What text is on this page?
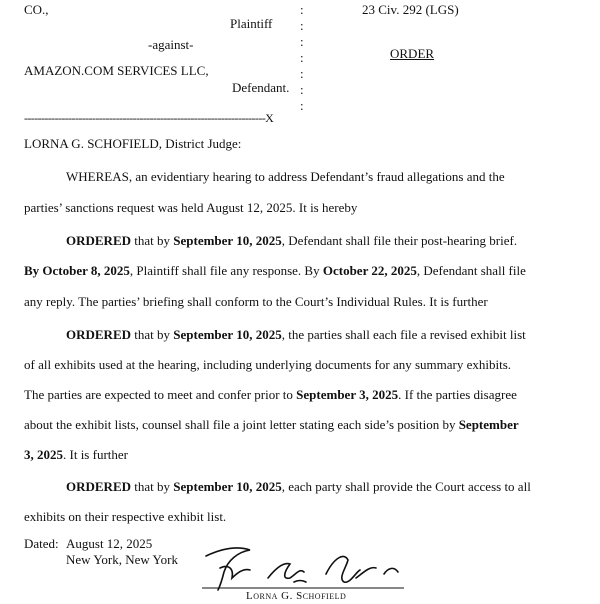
CO.,
Plaintiff
-against-
AMAZON.COM SERVICES LLC,
Defendant.
:
:
:
:
:
:
:
23 Civ. 292 (LGS)
ORDER
-----------------------------------------------------------------------X
LORNA G. SCHOFIELD, District Judge:
WHEREAS, an evidentiary hearing to address Defendant’s fraud allegations and the
parties’ sanctions request was held August 12, 2025. It is hereby
ORDERED that by September 10, 2025, Defendant shall file their post-hearing brief.
By October 8, 2025, Plaintiff shall file any response. By October 22, 2025, Defendant shall file
any reply. The parties’ briefing shall conform to the Court’s Individual Rules. It is further
ORDERED that by September 10, 2025, the parties shall each file a revised exhibit list
of all exhibits used at the hearing, including underlying documents for any summary exhibits.
The parties are expected to meet and confer prior to September 3, 2025. If the parties disagree
about the exhibit lists, counsel shall file a joint letter stating each side’s position by September
3, 2025. It is further
ORDERED that by September 10, 2025, each party shall provide the Court access to all
exhibits on their respective exhibit list.
Dated: August 12, 2025
New York, New York
Lorna G. Schofield
